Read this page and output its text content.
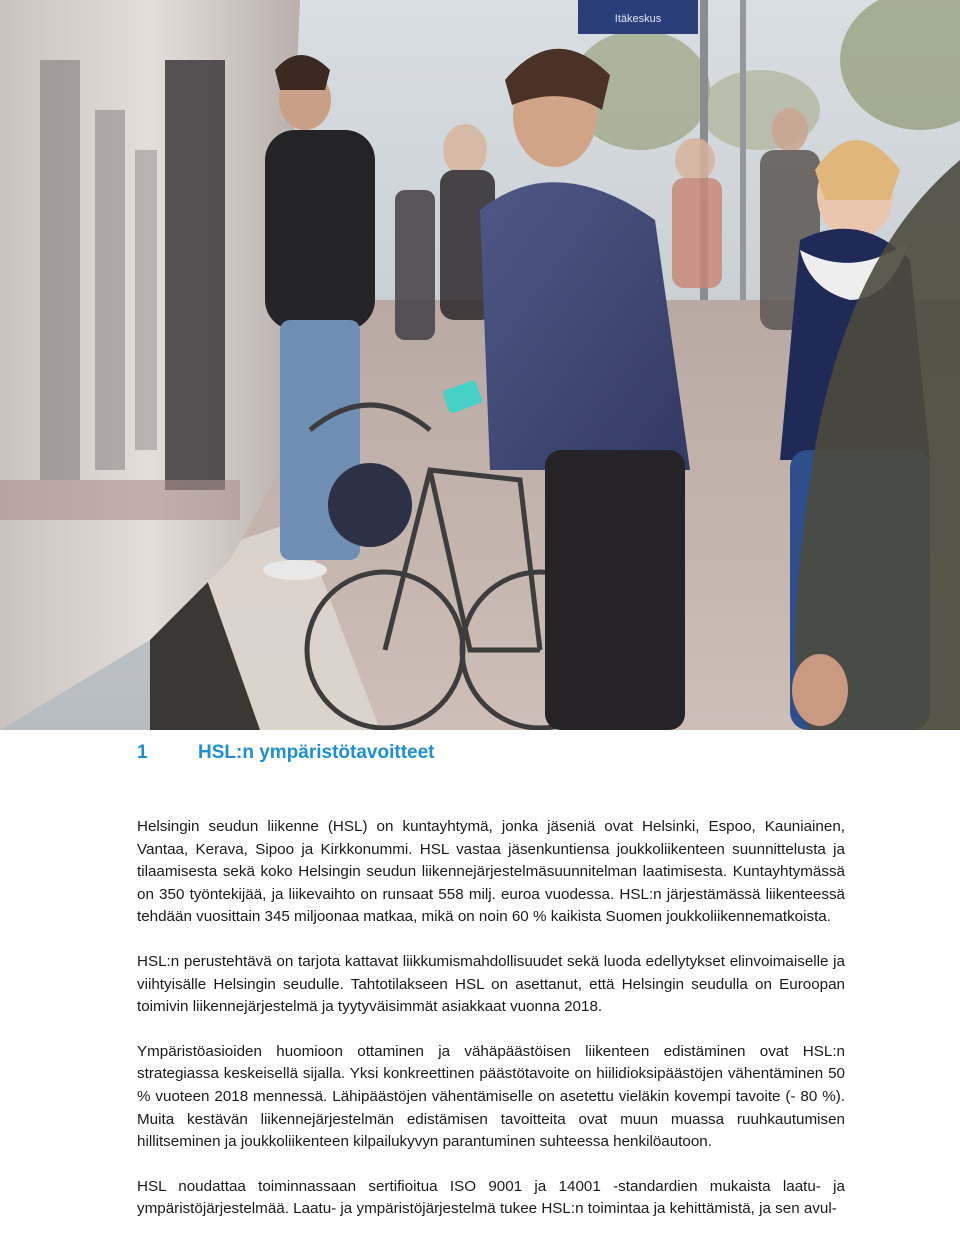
Itäkeskus
1	HSL:n ympäristötavoitteet

Helsingin seudun liikenne (HSL) on kuntayhtymä, jonka jäseniä ovat Helsinki, Espoo, Kauniainen, Vantaa, Kerava, Sipoo ja Kirkkonummi. HSL vastaa jäsenkuntiensa joukkoliikenteen suunnittelusta ja tilaamisesta sekä koko Helsingin seudun liikennejärjestelmäsuunnitelman laatimisesta. Kuntayhtymässä on 350 työntekijää, ja liikevaihto on runsaat 558 milj. euroa vuodessa. HSL:n järjestämässä liikenteessä tehdään vuosittain 345 miljoonaa matkaa, mikä on noin 60 % kaikista Suomen joukkoliikennematkoista.

HSL:n perustehtävä on tarjota kattavat liikkumismahdollisuudet sekä luoda edellytykset elinvoimaiselle ja viihtyisälle Helsingin seudulle. Tahtotilakseen HSL on asettanut, että Helsingin seudulla on Euroopan toimivin liikennejärjestelmä ja tyytyväisimmät asiakkaat vuonna 2018.

Ympäristöasioiden huomioon ottaminen ja vähäpäästöisen liikenteen edistäminen ovat HSL:n strategiassa keskeisellä sijalla. Yksi konkreettinen päästötavoite on hiilidioksipäästöjen vähentäminen 50 % vuoteen 2018 mennessä. Lähipäästöjen vähentämiselle on asetettu vieläkin kovempi tavoite (- 80 %). Muita kestävän liikennejärjestelmän edistämisen tavoitteita ovat muun muassa ruuhkautumisen hillitseminen ja joukkoliikenteen kilpailukyvyn parantuminen suhteessa henkilöautoon.

HSL noudattaa toiminnassaan sertifioitua ISO 9001 ja 14001 -standardien mukaista laatu- ja ympäristöjärjestelmää. Laatu- ja ympäristöjärjestelmä tukee HSL:n toimintaa ja kehittämistä, ja sen avul-
